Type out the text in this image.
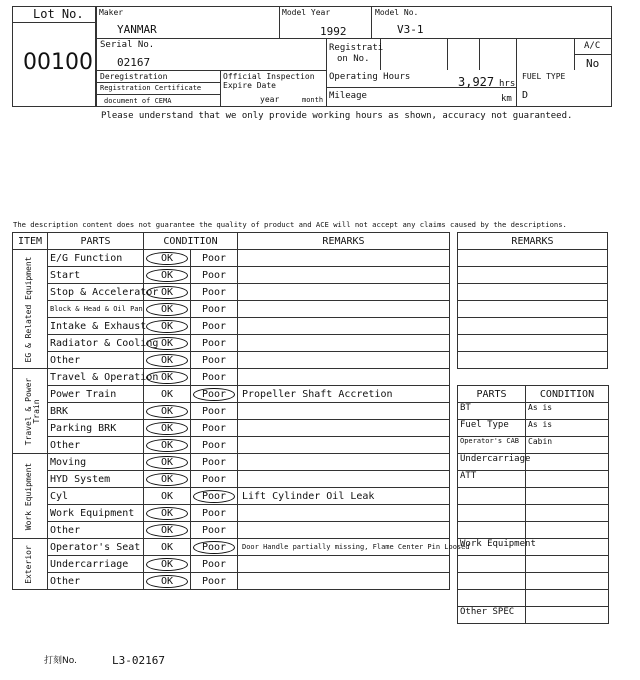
Lot No.
00100
Maker
YANMAR
Model Year
1992
Model No.
V3-1
Serial No.
02167
Registrati
on No.
A/C
No
Deregistration
Registration Certificate
document of CEMA
Official Inspection
Expire Date
year	month
Operating Hours	3,927 hrs
Mileage	km
FUEL TYPE
D
Please understand that we only provide working hours as shown, accuracy not guaranteed.
The description content does not guarantee the quality of product and ACE will not accept any claims caused by the descriptions.
ITEM	PARTS	CONDITION		REMARKS

EG & Related Equipment	E/G Function	OK	Poor	
	Start	OK	Poor	
	Stop & Accelerator	OK	Poor	
	Block & Head & Oil Pan	OK	Poor	
	Intake & Exhaust	OK	Poor	
	Radiator & Cooling	OK	Poor	
	Other	OK	Poor	

Travel & Power Train	Travel & Operation	OK	Poor	
	Power Train	OK	Poor	Propeller Shaft Accretion
	BRK	OK	Poor	
	Parking BRK	OK	Poor	
	Other	OK	Poor	

Work Equipment	Moving	OK	Poor	
	HYD System	OK	Poor	
	Cyl	OK	Poor	Lift Cylinder Oil Leak
	Work Equipment	OK	Poor	
	Other	OK	Poor	

Exterior	Operator's Seat	OK	Poor	Door Handle partially missing, Flame Center Pin Loosed
	Undercarriage	OK	Poor	
	Other	OK	Poor	
REMARKS

PARTS	CONDITION
BT	As is
Fuel Type	As is
Operator's CAB	Cabin
Undercarriage	
ATT	

Work Equipment	

Other SPEC	
打刻No.	L3-02167
